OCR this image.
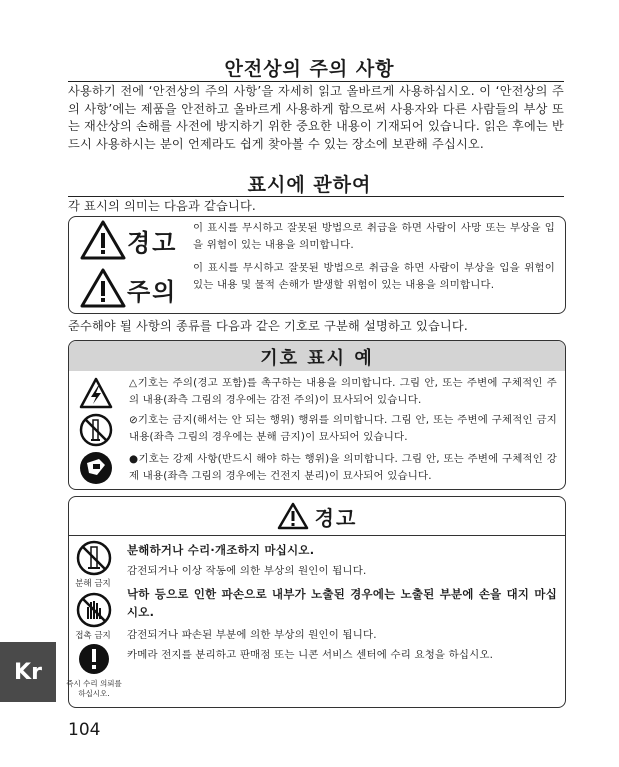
안전상의 주의 사항
사용하기 전에 ‘안전상의 주의 사항’을 자세히 읽고 올바르게 사용하십시오. 이 ‘안전상의 주의 사항’에는 제품을 안전하고 올바르게 사용하게 함으로써 사용자와 다른 사람들의 부상 또는 재산상의 손해를 사전에 방지하기 위한 중요한 내용이 기재되어 있습니다. 읽은 후에는 반드시 사용하시는 분이 언제라도 쉽게 찾아볼 수 있는 장소에 보관해 주십시오.
표시에 관하여
각 표시의 의미는 다음과 같습니다.
경고
이 표시를 무시하고 잘못된 방법으로 취급을 하면 사람이 사망 또는 부상을 입을 위험이 있는 내용을 의미합니다.
주의
이 표시를 무시하고 잘못된 방법으로 취급을 하면 사람이 부상을 입을 위험이 있는 내용 및 물적 손해가 발생할 위험이 있는 내용을 의미합니다.
준수해야 될 사항의 종류를 다음과 같은 기호로 구분해 설명하고 있습니다.
기호 표시 예
△기호는 주의(경고 포함)를 촉구하는 내용을 의미합니다. 그림 안, 또는 주변에 구체적인 주의 내용(좌측 그림의 경우에는 감전 주의)이 묘사되어 있습니다.
⊘기호는 금지(해서는 안 되는 행위) 행위를 의미합니다. 그림 안, 또는 주변에 구체적인 금지 내용(좌측 그림의 경우에는 분해 금지)이 묘사되어 있습니다.
●기호는 강제 사항(반드시 해야 하는 행위)을 의미합니다. 그림 안, 또는 주변에 구체적인 강제 내용(좌측 그림의 경우에는 건전지 분리)이 묘사되어 있습니다.
경고
분해 금지
접촉 금지
즉시 수리 의뢰를 하십시오.
분해하거나 수리·개조하지 마십시오.
감전되거나 이상 작동에 의한 부상의 원인이 됩니다.
낙하 등으로 인한 파손으로 내부가 노출된 경우에는 노출된 부분에 손을 대지 마십시오.
감전되거나 파손된 부분에 의한 부상의 원인이 됩니다.
카메라 전지를 분리하고 판매점 또는 니콘 서비스 센터에 수리 요청을 하십시오.
Kr
104
